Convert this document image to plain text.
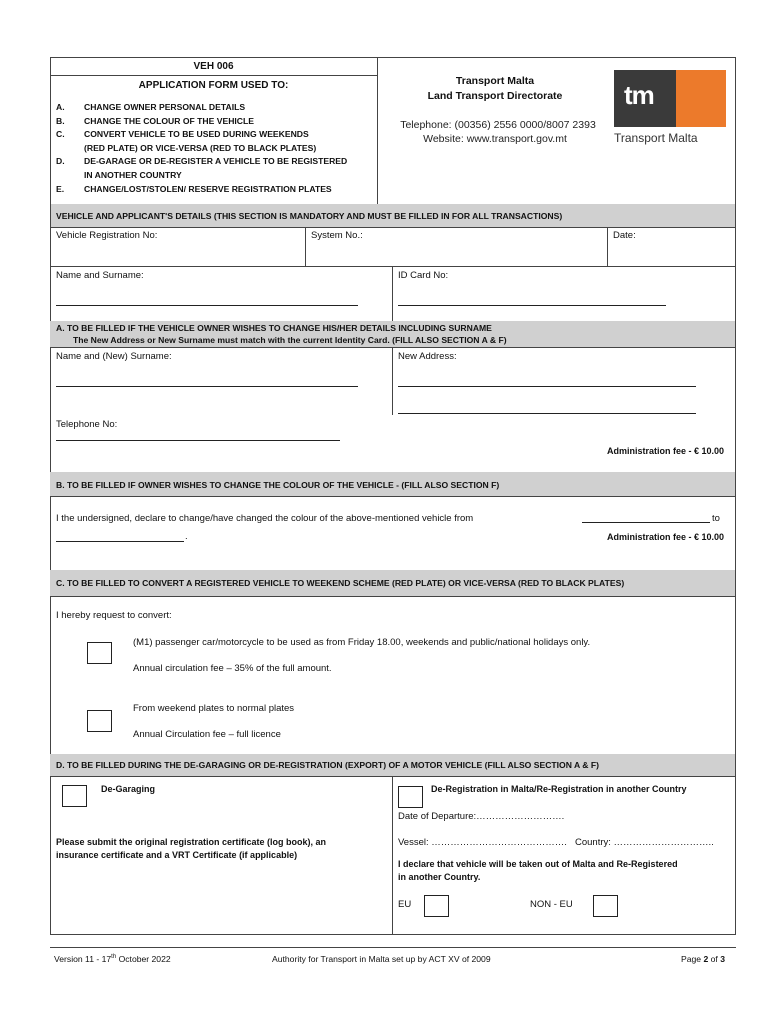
VEH 006
APPLICATION FORM USED TO:
A. CHANGE OWNER PERSONAL DETAILS
B. CHANGE THE COLOUR OF THE VEHICLE
C. CONVERT VEHICLE TO BE USED DURING WEEKENDS
(RED PLATE) OR VICE-VERSA (RED TO BLACK PLATES)
D. DE-GARAGE OR DE-REGISTER A VEHICLE TO BE REGISTERED
IN ANOTHER COUNTRY
E. CHANGE/LOST/STOLEN/ RESERVE REGISTRATION PLATES
Transport Malta
Land Transport Directorate
Telephone: (00356) 2556 0000/8007 2393
Website: www.transport.gov.mt
tm
Transport Malta
VEHICLE AND APPLICANT'S DETAILS (THIS SECTION IS MANDATORY AND MUST BE FILLED IN FOR ALL TRANSACTIONS)
Vehicle Registration No:	System No.:	Date:
Name and Surname:	ID Card No:
A. TO BE FILLED IF THE VEHICLE OWNER WISHES TO CHANGE HIS/HER DETAILS INCLUDING SURNAME
The New Address or New Surname must match with the current Identity Card. (FILL ALSO SECTION A & F)
Name and (New) Surname:	New Address:
Telephone No:
Administration fee - € 10.00
B. TO BE FILLED IF OWNER WISHES TO CHANGE THE COLOUR OF THE VEHICLE - (FILL ALSO SECTION F)
I the undersigned, declare to change/have changed the colour of the above-mentioned vehicle from	to
.	Administration fee - € 10.00
C. TO BE FILLED TO CONVERT A REGISTERED VEHICLE TO WEEKEND SCHEME (RED PLATE) OR VICE-VERSA (RED TO BLACK PLATES)
I hereby request to convert:
(M1) passenger car/motorcycle to be used as from Friday 18.00, weekends and public/national holidays only.
Annual circulation fee – 35% of the full amount.
From weekend plates to normal plates
Annual Circulation fee – full licence
D. TO BE FILLED DURING THE DE-GARAGING OR DE-REGISTRATION (EXPORT) OF A MOTOR VEHICLE (FILL ALSO SECTION A & F)
De-Garaging
Please submit the original registration certificate (log book), an
insurance certificate and a VRT Certificate (if applicable)
De-Registration in Malta/Re-Registration in another Country
Date of Departure:……………………….
Vessel: ……………………………………. Country: …………………………..
I declare that vehicle will be taken out of Malta and Re-Registered
in another Country.
EU	NON - EU
Version 11 - 17th October 2022	Authority for Transport in Malta set up by ACT XV of 2009	Page 2 of 3
